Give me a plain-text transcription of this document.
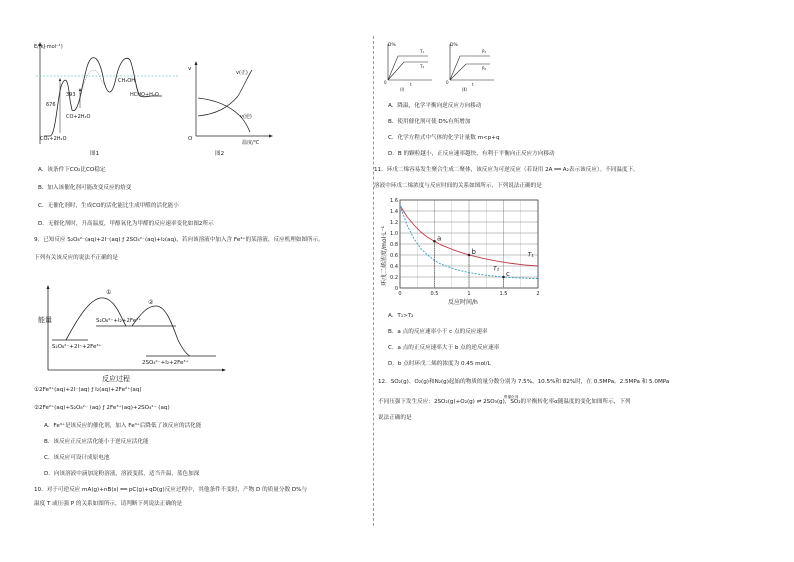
E/(kJ·mol⁻¹)
676
393
CO₂+2H₂O
CO+2H₂O
CH₃OH
HCHO+H₂O
图1
v
O
温度/℃
v(正)
v(逆)
图2
A．该条件下CO₂比CO稳定
B．加入该催化剂可能改变反应的焓变
C．无催化剂时，生成CO的活化能比生成甲醛的活化能小
D．无催化剂时，升高温度，甲醇氧化为甲醛的反应速率变化如图2所示
9．已知反应 S₂O₈²⁻(aq)+2I⁻(aq) ƒ 2SO₄²⁻(aq)+I₂(aq)，若向该溶液中加入含 Fe³⁺的某溶液，反应机理如图所示。
下列有关该反应的说法不正确的是
能量
①
②
S₂O₈²⁻+I₂+2Fe²⁺
S₂O₈²⁻+2I⁻+2Fe³⁺
2SO₄²⁻+I₂+2Fe³⁺
反应过程
①2Fe³⁺(aq)+2I⁻(aq) ƒ I₂(aq)+2Fe²⁺(aq)
②2Fe²⁺(aq)+S₂O₈²⁻ (aq) ƒ 2Fe³⁺(aq)+2SO₄²⁻ (aq)
A．Fe³⁺是该反应的催化剂，加入 Fe³⁺后降低了该反应的活化能
B．该反应正反应活化能小于逆反应活化能
C．该反应可设计成原电池
D．向该溶液中滴加淀粉溶液，溶液变蓝，适当升温，蓝色加深
10．对于可逆反应 mA(g)+nB(s) ══ pC(g)+qD(g)反应过程中，其他条件不变时，产物 D 的质量分数 D%与
温度 T 或压强 P 的关系如图所示，请判断下列说法正确的是
D%
0	t
T₁
T₂
(Ⅰ)
D%
0	t
P₁
P₂
(Ⅱ)
A．降温，化学平衡向逆反应方向移动
B．使用催化剂可使 D%有所增加
C．化学方程式中气体的化学计量数 m<p+q
D．B 的颗粒越小，正反应速率越快，有利于平衡向正反应方向移动
11．环戊二烯容易发生聚合生成二聚体，该反应为可逆反应（若设用 2A ══ A₂表示该反应）。不同温度下，
溶液中环戊二烯浓度与反应时间的关系如图所示，下列说法正确的是
T₁
T₂
a
b
c
0
0.2
0.4
0.6
0.8
1.0
1.2
1.4
1.6
0	0.5	1	1.5	2
环戊二烯浓度/mol·L⁻¹
反应时间/h
A．T₁>T₂
B．a 点的反应速率小于 c 点的反应速率
C．a 点的正反应速率大于 b 点的逆反应速率
D．b 点时环戊二烯的浓度为 0.45 mol/L
12．SO₂(g)、O₂(g)和N₂(g)起始的物质的量分数分别为 7.5%、10.5%和 82%时，在 0.5MPa、2.5MPa 和 5.0MPa
不同压强下发生反应：2SO₂(g)+O₂(g) ⇌ 2SO₃(g)，SO₂的平衡转化率α随温度的变化如图所示，下列
钒催化剂
说法正确的是
